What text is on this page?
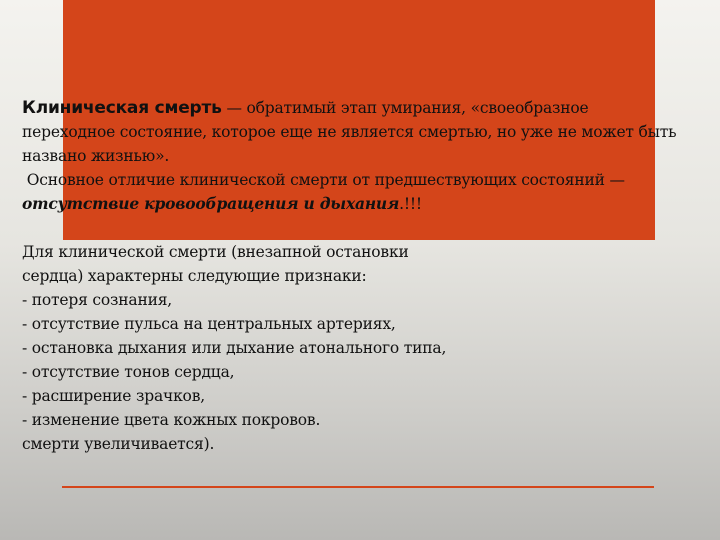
Клиническая смерть — обратимый этап умирания, «своеобразное

переходное состояние, которое еще не является смертью, но уже не может быть

названо жизнью».

Основное отличие клинической смерти от предшествующих состояний —

отсутствие кровообращения и дыхания.!!!

Для клинической смерти (внезапной остановки

сердца) характерны следующие признаки:

- потеря сознания,

- отсутствие пульса на центральных артериях,

- остановка дыхания или дыхание атонального типа,

- отсутствие тонов сердца,

- расширение зрачков,

- изменение цвета кожных покровов.

смерти увеличивается).
